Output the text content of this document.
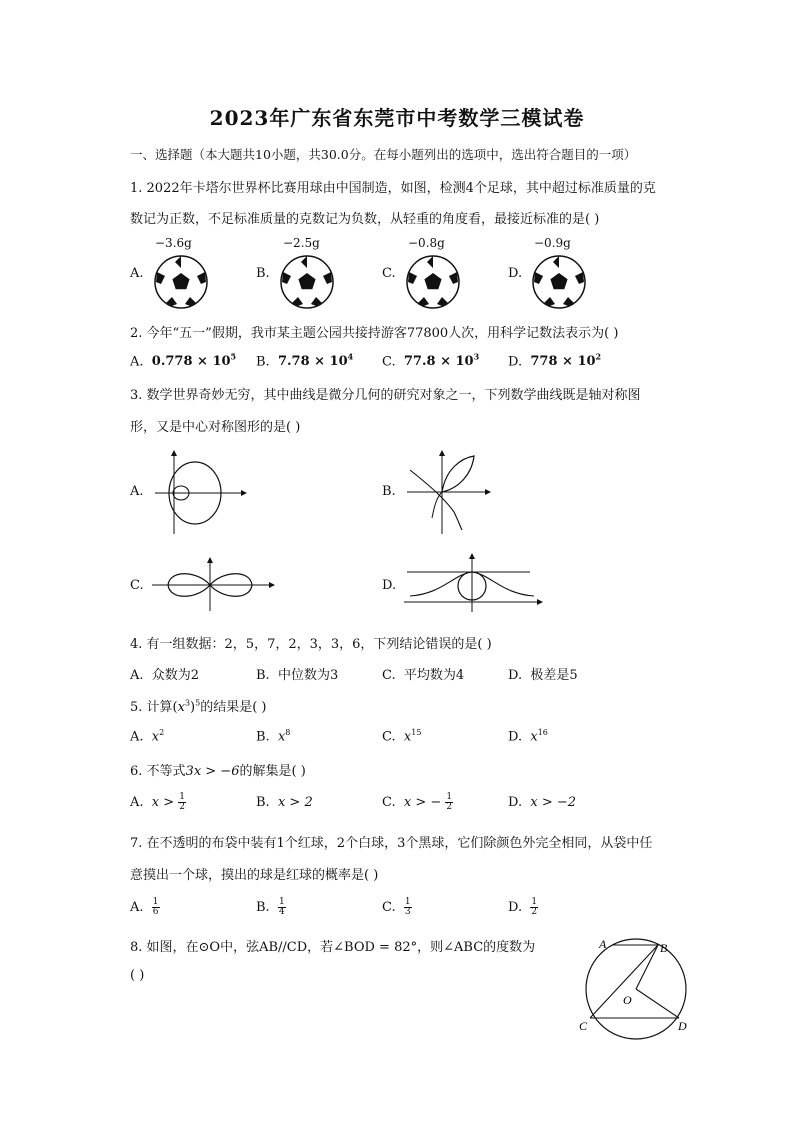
2023年广东省东莞市中考数学三模试卷
一、选择题（本大题共10小题，共30.0分。在每小题列出的选项中，选出符合题目的一项）
1. 2022年卡塔尔世界杯比赛用球由中国制造，如图，检测4个足球，其中超过标准质量的克
数记为正数，不足标准质量的克数记为负数，从轻重的角度看，最接近标准的是( )
−3.6g	−2.5g	−0.8g	−0.9g
A.	B.	C.	D.
2. 今年“五一”假期，我市某主题公园共接持游客77800人次，用科学记数法表示为( )
A. $0.778 \times 10^5$ B. $7.78 \times 10^4$ C. $77.8 \times 10^3$ D. $778 \times 10^2$
3. 数学世界奇妙无穷，其中曲线是微分几何的研究对象之一，下列数学曲线既是轴对称图
形，又是中心对称图形的是( )
A.	B.
C.	D.
4. 有一组数据：2，5，7，2，3，3，6，下列结论错误的是( )
A. 众数为2	B. 中位数为3	C. 平均数为4	D. 极差是5
5. 计算$(x^3)^5$的结果是( )
A. $x^2$	B. $x^8$	C. $x^{15}$	D. $x^{16}$
6. 不等式3x > −6的解集是( )
A. $x > \frac{1}{2}$	B. x > 2	C. x > − $\frac{1}{2}$	D. x > −2
7. 在不透明的布袋中装有1个红球，2个白球，3个黑球，它们除颜色外完全相同，从袋中任
意摸出一个球，摸出的球是红球的概率是( )
A. $\frac{1}{6}$	B. $\frac{1}{4}$	C. $\frac{1}{3}$	D. $\frac{1}{2}$
8. 如图，在⊙O中，弦AB//CD，若∠BOD = 82°，则∠ABC的度数为
( )
A	B
C	D
O
